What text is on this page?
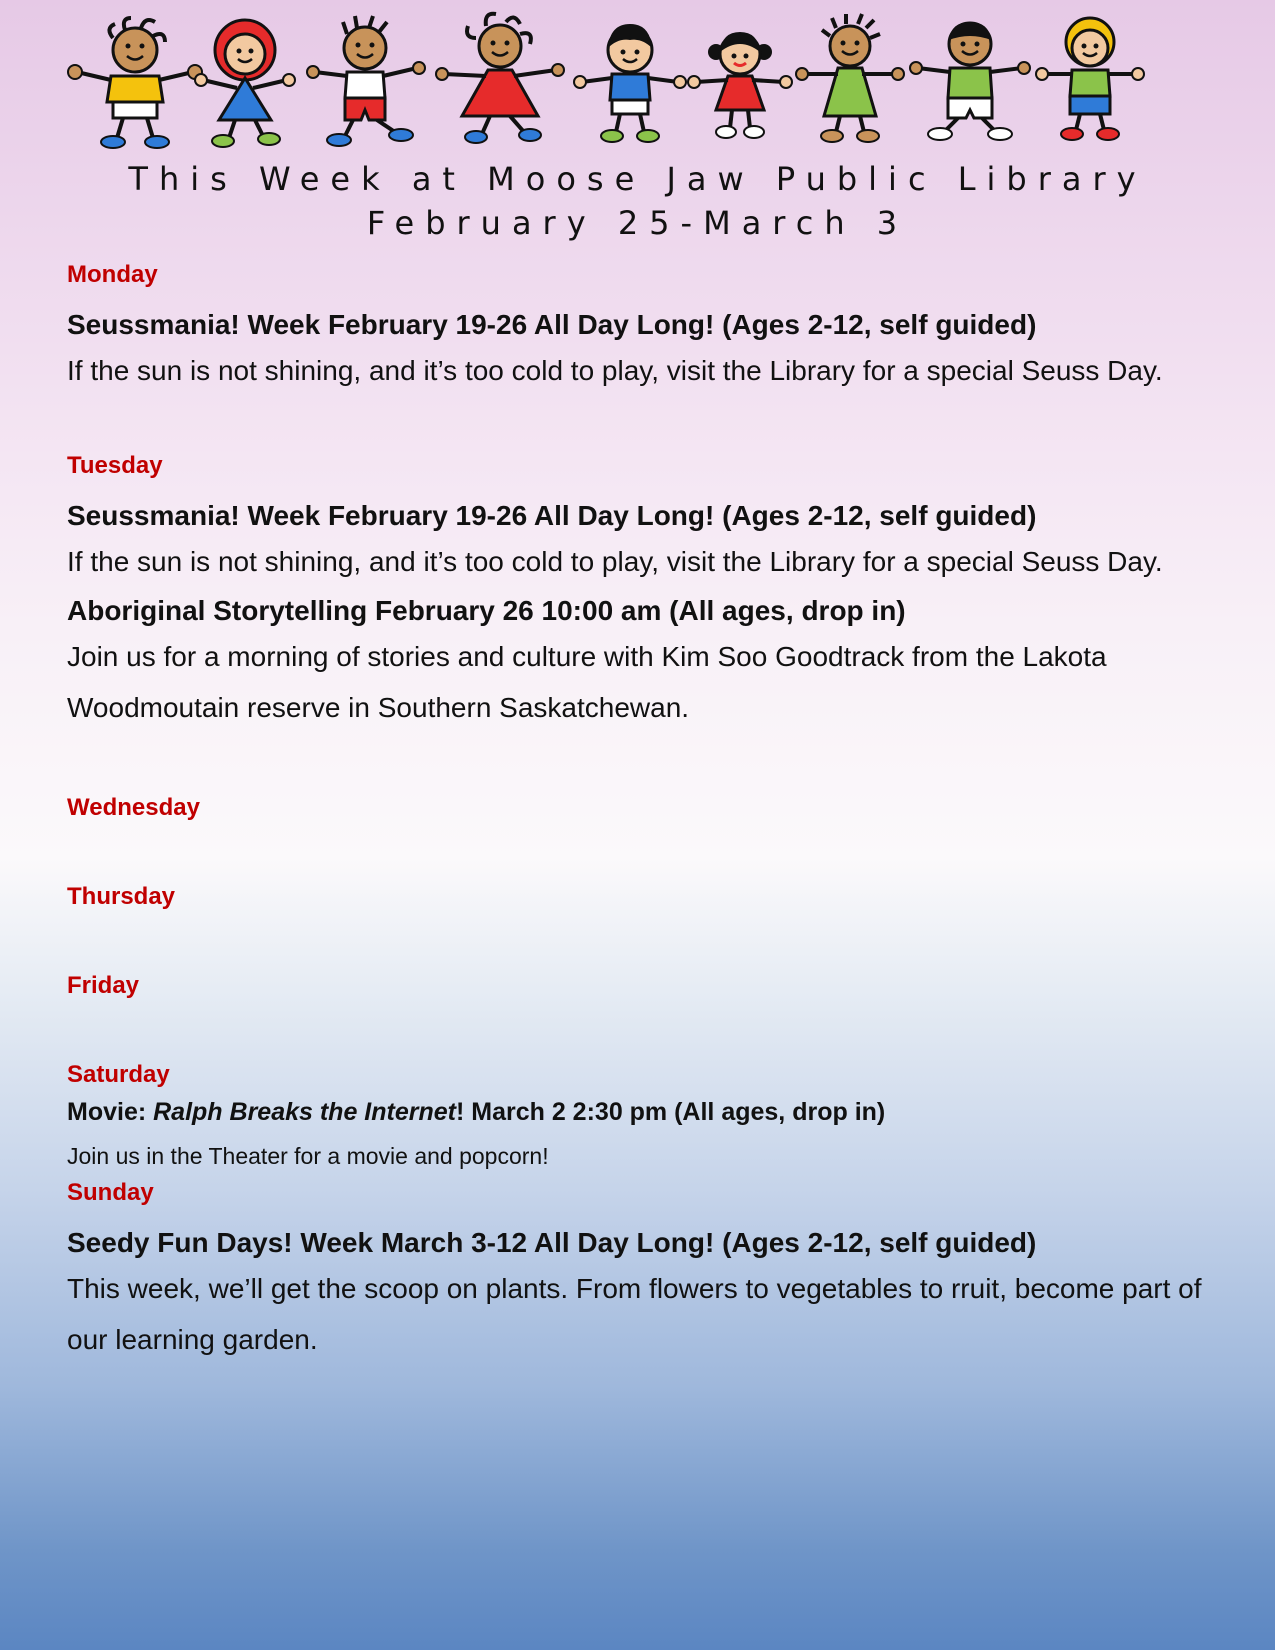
This Week at Moose Jaw Public Library
February 25-March 3

Monday

Seussmania! Week February 19-26 All Day Long! (Ages 2-12, self guided)

If the sun is not shining, and it’s too cold to play, visit the Library for a special Seuss Day.

Tuesday

Seussmania! Week February 19-26 All Day Long! (Ages 2-12, self guided)

If the sun is not shining, and it’s too cold to play, visit the Library for a special Seuss Day.

Aboriginal Storytelling February 26 10:00 am (All ages, drop in)

Join us for a morning of stories and culture with Kim Soo Goodtrack from the Lakota Woodmoutain reserve in Southern Saskatchewan.

Wednesday

Thursday

Friday

Saturday

Movie: Ralph Breaks the Internet! March 2 2:30 pm (All ages, drop in)

Join us in the Theater for a movie and popcorn!

Sunday

Seedy Fun Days! Week March 3-12 All Day Long! (Ages 2-12, self guided)

This week, we’ll get the scoop on plants. From flowers to vegetables to rruit, become part of our learning garden.
